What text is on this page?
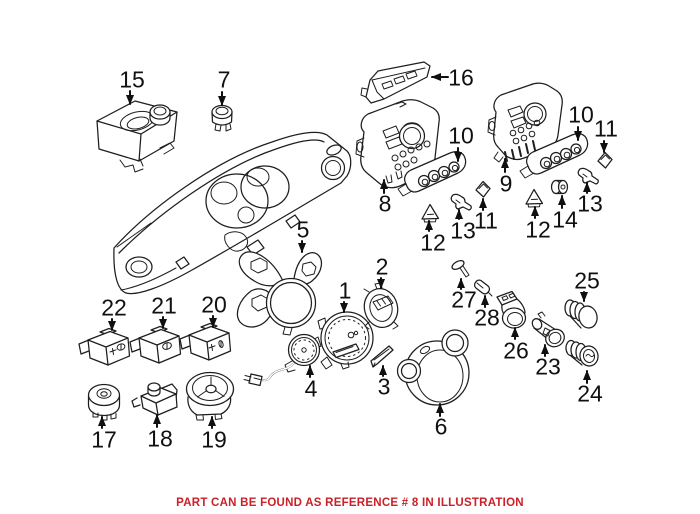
15	7	16
8
10
9
10
11
13
14
12
11
13
12
5
1
2
3
4
6
27
28
26
23
25
24
22 21 20
17 18 19
PART CAN BE FOUND AS REFERENCE # 8 IN ILLUSTRATION
